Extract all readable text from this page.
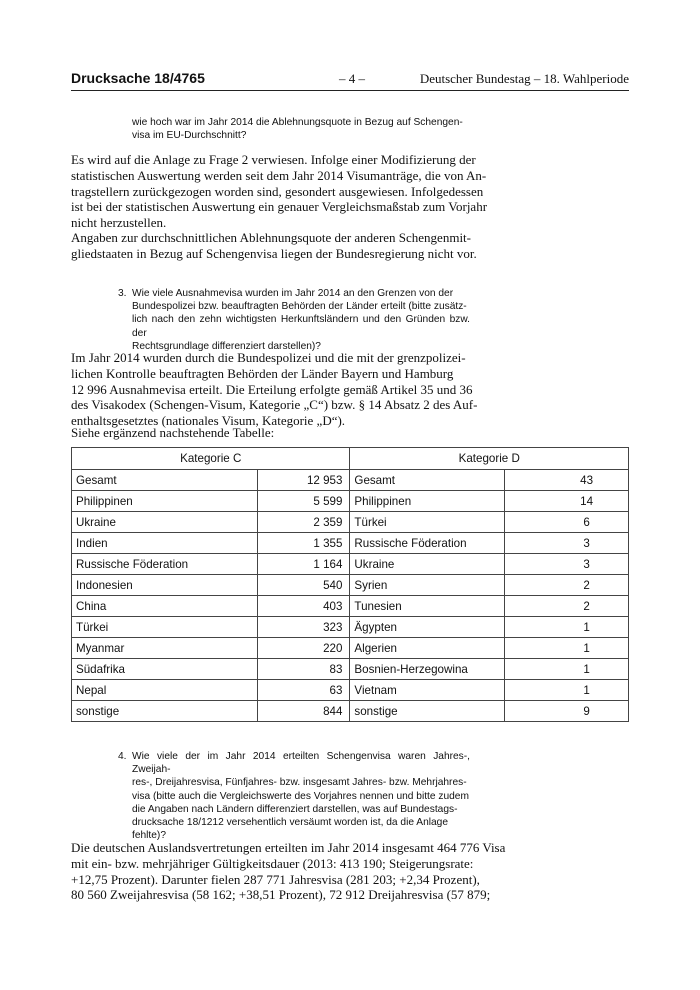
Drucksache 18/4765	– 4 –	Deutscher Bundestag – 18. Wahlperiode
wie hoch war im Jahr 2014 die Ablehnungsquote in Bezug auf Schengen-
visa im EU-Durchschnitt?
Es wird auf die Anlage zu Frage 2 verwiesen. Infolge einer Modifizierung der
statistischen Auswertung werden seit dem Jahr 2014 Visumanträge, die von An-
tragstellern zurückgezogen worden sind, gesondert ausgewiesen. Infolgedessen
ist bei der statistischen Auswertung ein genauer Vergleichsmaßstab zum Vorjahr
nicht herzustellen.
Angaben zur durchschnittlichen Ablehnungsquote der anderen Schengenmit-
gliedstaaten in Bezug auf Schengenvisa liegen der Bundesregierung nicht vor.
3. Wie viele Ausnahmevisa wurden im Jahr 2014 an den Grenzen von der
Bundespolizei bzw. beauftragten Behörden der Länder erteilt (bitte zusätz-
lich nach den zehn wichtigsten Herkunftsländern und den Gründen bzw. der
Rechtsgrundlage differenziert darstellen)?
Im Jahr 2014 wurden durch die Bundespolizei und die mit der grenzpolizei-
lichen Kontrolle beauftragten Behörden der Länder Bayern und Hamburg
12 996 Ausnahmevisa erteilt. Die Erteilung erfolgte gemäß Artikel 35 und 36
des Visakodex (Schengen-Visum, Kategorie „C“) bzw. § 14 Absatz 2 des Auf-
enthaltsgesetztes (nationales Visum, Kategorie „D“).
Siehe ergänzend nachstehende Tabelle:
Kategorie C		Kategorie D	
Gesamt	12 953	Gesamt	43
Philippinen	5 599	Philippinen	14
Ukraine	2 359	Türkei	6
Indien	1 355	Russische Föderation	3
Russische Föderation	1 164	Ukraine	3
Indonesien	540	Syrien	2
China	403	Tunesien	2
Türkei	323	Ägypten	1
Myanmar	220	Algerien	1
Südafrika	83	Bosnien-Herzegowina	1
Nepal	63	Vietnam	1
sonstige	844	sonstige	9
4. Wie viele der im Jahr 2014 erteilten Schengenvisa waren Jahres-, Zweijah-
res-, Dreijahresvisa, Fünfjahres- bzw. insgesamt Jahres- bzw. Mehrjahres-
visa (bitte auch die Vergleichswerte des Vorjahres nennen und bitte zudem
die Angaben nach Ländern differenziert darstellen, was auf Bundestags-
drucksache 18/1212 versehentlich versäumt worden ist, da die Anlage
fehlte)?
Die deutschen Auslandsvertretungen erteilten im Jahr 2014 insgesamt 464 776 Visa
mit ein- bzw. mehrjähriger Gültigkeitsdauer (2013: 413 190; Steigerungsrate:
+12,75 Prozent). Darunter fielen 287 771 Jahresvisa (281 203; +2,34 Prozent),
80 560 Zweijahresvisa (58 162; +38,51 Prozent), 72 912 Dreijahresvisa (57 879;
